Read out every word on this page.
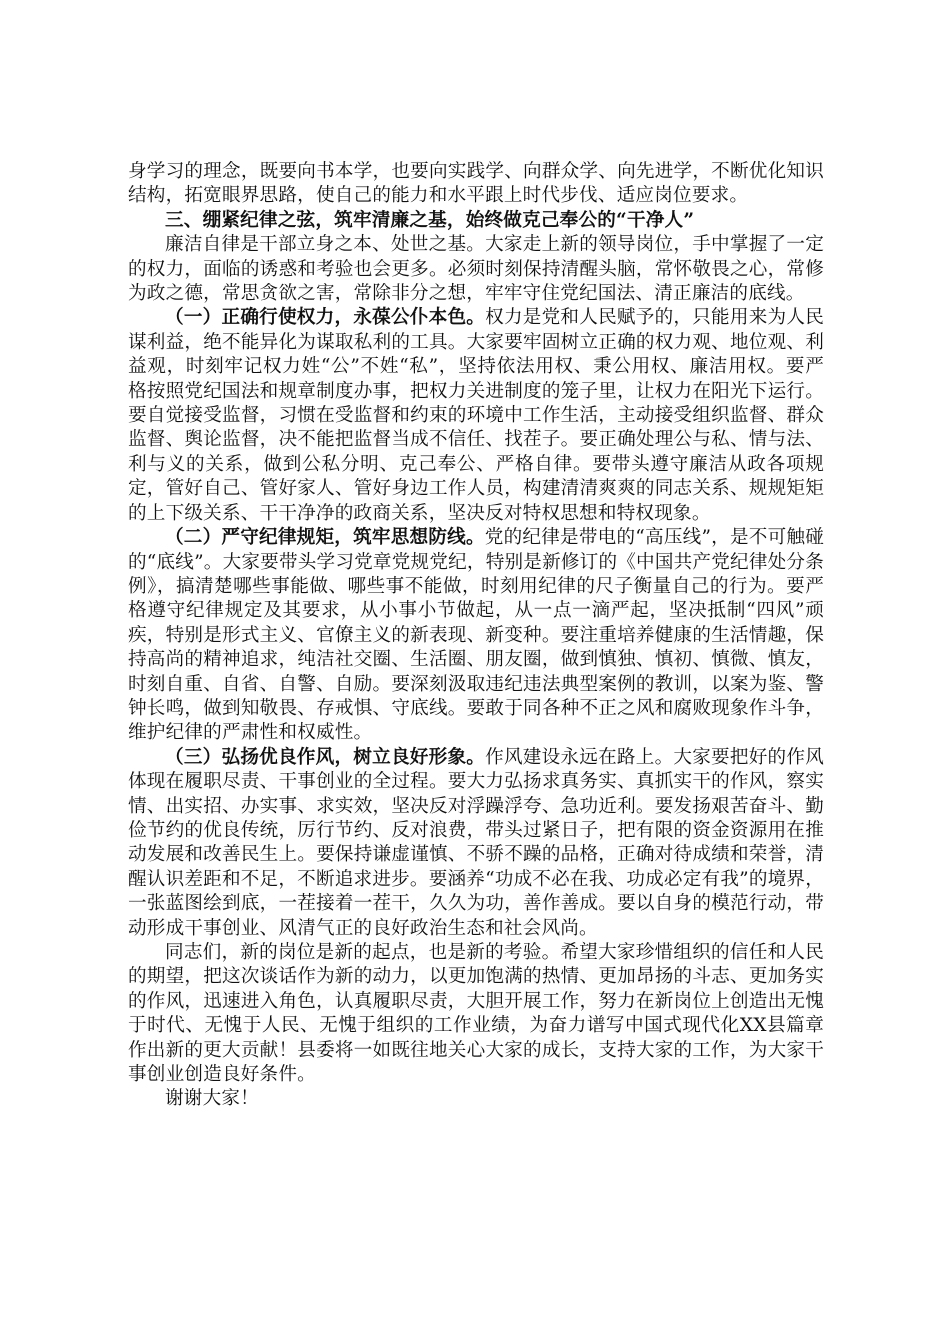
身学习的理念，既要向书本学，也要向实践学、向群众学、向先进学，不断优化知识结构，拓宽眼界思路，使自己的能力和水平跟上时代步伐、适应岗位要求。

三、绷紧纪律之弦，筑牢清廉之基，始终做克己奉公的“干净人”

廉洁自律是干部立身之本、处世之基。大家走上新的领导岗位，手中掌握了一定的权力，面临的诱惑和考验也会更多。必须时刻保持清醒头脑，常怀敬畏之心，常修为政之德，常思贪欲之害，常除非分之想，牢牢守住党纪国法、清正廉洁的底线。

（一）正确行使权力，永葆公仆本色。权力是党和人民赋予的，只能用来为人民谋利益，绝不能异化为谋取私利的工具。大家要牢固树立正确的权力观、地位观、利益观，时刻牢记权力姓“公”不姓“私”，坚持依法用权、秉公用权、廉洁用权。要严格按照党纪国法和规章制度办事，把权力关进制度的笼子里，让权力在阳光下运行。要自觉接受监督，习惯在受监督和约束的环境中工作生活，主动接受组织监督、群众监督、舆论监督，决不能把监督当成不信任、找茬子。要正确处理公与私、情与法、利与义的关系，做到公私分明、克己奉公、严格自律。要带头遵守廉洁从政各项规定，管好自己、管好家人、管好身边工作人员，构建清清爽爽的同志关系、规规矩矩的上下级关系、干干净净的政商关系，坚决反对特权思想和特权现象。

（二）严守纪律规矩，筑牢思想防线。党的纪律是带电的“高压线”，是不可触碰的“底线”。大家要带头学习党章党规党纪，特别是新修订的《中国共产党纪律处分条例》，搞清楚哪些事能做、哪些事不能做，时刻用纪律的尺子衡量自己的行为。要严格遵守纪律规定及其要求，从小事小节做起，从一点一滴严起，坚决抵制“四风”顽疾，特别是形式主义、官僚主义的新表现、新变种。要注重培养健康的生活情趣，保持高尚的精神追求，纯洁社交圈、生活圈、朋友圈，做到慎独、慎初、慎微、慎友，时刻自重、自省、自警、自励。要深刻汲取违纪违法典型案例的教训，以案为鉴、警钟长鸣，做到知敬畏、存戒惧、守底线。要敢于同各种不正之风和腐败现象作斗争，维护纪律的严肃性和权威性。

（三）弘扬优良作风，树立良好形象。作风建设永远在路上。大家要把好的作风体现在履职尽责、干事创业的全过程。要大力弘扬求真务实、真抓实干的作风，察实情、出实招、办实事、求实效，坚决反对浮躁浮夸、急功近利。要发扬艰苦奋斗、勤俭节约的优良传统，厉行节约、反对浪费，带头过紧日子，把有限的资金资源用在推动发展和改善民生上。要保持谦虚谨慎、不骄不躁的品格，正确对待成绩和荣誉，清醒认识差距和不足，不断追求进步。要涵养“功成不必在我、功成必定有我”的境界，一张蓝图绘到底，一茬接着一茬干，久久为功，善作善成。要以自身的模范行动，带动形成干事创业、风清气正的良好政治生态和社会风尚。

同志们，新的岗位是新的起点，也是新的考验。希望大家珍惜组织的信任和人民的期望，把这次谈话作为新的动力，以更加饱满的热情、更加昂扬的斗志、更加务实的作风，迅速进入角色，认真履职尽责，大胆开展工作，努力在新岗位上创造出无愧于时代、无愧于人民、无愧于组织的工作业绩，为奋力谱写中国式现代化XX县篇章作出新的更大贡献！县委将一如既往地关心大家的成长，支持大家的工作，为大家干事创业创造良好条件。

谢谢大家！
